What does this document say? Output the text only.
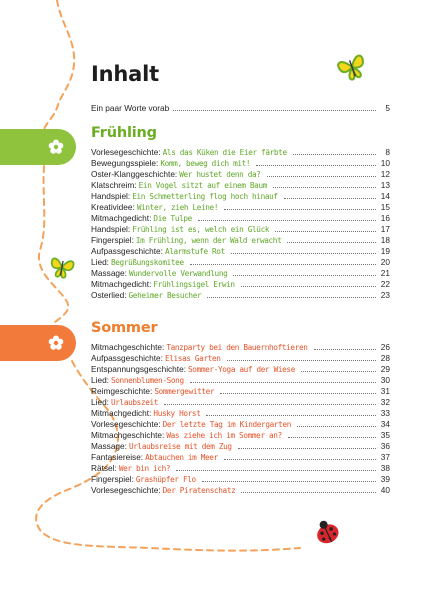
Inhalt
Ein paar Worte vorab	5
Frühling
Vorlesegeschichte: Als das Küken die Eier färbte	8
Bewegungsspiele: Komm, beweg dich mit!	10
Oster-Klanggeschichte: Wer hustet denn da?	12
Klatschreim: Ein Vogel sitzt auf einem Baum	13
Handspiel: Ein Schmetterling flog hoch hinauf	14
Kreatividee: Winter, zieh Leine!	15
Mitmachgedicht: Die Tulpe	16
Handspiel: Frühling ist es, welch ein Glück	17
Fingerspiel: Im Frühling, wenn der Wald erwacht	18
Aufpassgeschichte: Alarmstufe Rot	19
Lied: Begrüßungskomitee	20
Massage: Wundervolle Verwandlung	21
Mitmachgedicht: Frühlingsigel Erwin	22
Osterlied: Geheimer Besucher	23
Sommer
Mitmachgeschichte: Tanzparty bei den Bauernhoftieren	26
Aufpassgeschichte: Elisas Garten	28
Entspannungsgeschichte: Sommer-Yoga auf der Wiese	29
Lied: Sonnenblumen-Song	30
Reimgeschichte: Sommergewitter	31
Lied: Urlaubszeit	32
Mitmachgedicht: Husky Horst	33
Vorlesegeschichte: Der letzte Tag im Kindergarten	34
Mitmachgeschichte: Was ziehe ich im Sommer an?	35
Massage: Urlaubsreise mit dem Zug	36
Fantasiereise: Abtauchen im Meer	37
Rätsel: Wer bin ich?	38
Fingerspiel: Grashüpfer Flo	39
Vorlesegeschichte: Der Piratenschatz	40
